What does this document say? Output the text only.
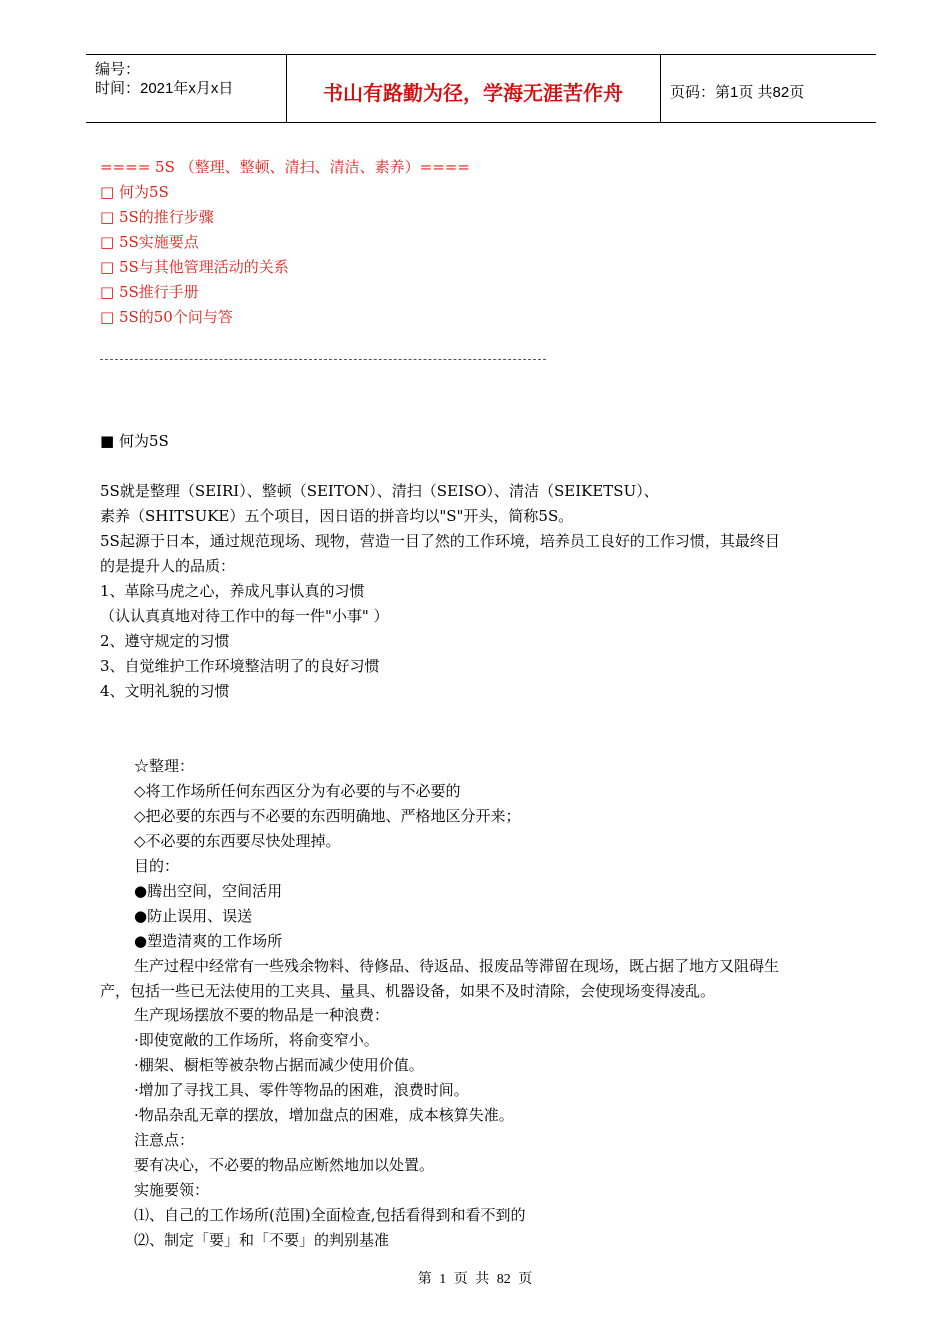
编号：
时间：2021年x月x日	书山有路勤为径，学海无涯苦作舟	页码：第1页 共82页
==== 5S （整理、整顿、清扫、清洁、素养）====
□ 何为5S
□ 5S的推行步骤
□ 5S实施要点
□ 5S与其他管理活动的关系
□ 5S推行手册
□ 5S的50个问与答
■ 何为5S
5S就是整理（SEIRI）、整顿（SEITON）、清扫（SEISO）、清洁（SEIKETSU）、
素养（SHITSUKE）五个项目，因日语的拼音均以"S"开头，简称5S。
5S起源于日本，通过规范现场、现物，营造一目了然的工作环境，培养员工良好的工作习惯，其最终目
的是提升人的品质：
1、革除马虎之心，养成凡事认真的习惯
（认认真真地对待工作中的每一件"小事" ）
2、遵守规定的习惯
3、自觉维护工作环境整洁明了的良好习惯
4、文明礼貌的习惯
☆整理：
◇将工作场所任何东西区分为有必要的与不必要的
◇把必要的东西与不必要的东西明确地、严格地区分开来；
◇不必要的东西要尽快处理掉。
目的：
●腾出空间，空间活用
●防止误用、误送
●塑造清爽的工作场所
生产过程中经常有一些残余物料、待修品、待返品、报废品等滞留在现场，既占据了地方又阻碍生
产，包括一些已无法使用的工夹具、量具、机器设备，如果不及时清除，会使现场变得凌乱。
生产现场摆放不要的物品是一种浪费：
·即使宽敞的工作场所，将俞变窄小。
·棚架、橱柜等被杂物占据而减少使用价值。
·增加了寻找工具、零件等物品的困难，浪费时间。
·物品杂乱无章的摆放，增加盘点的困难，成本核算失准。
注意点：
要有决心，不必要的物品应断然地加以处置。
实施要领：
⑴、自己的工作场所(范围)全面检查,包括看得到和看不到的
⑵、制定「要」和「不要」的判别基准
第 1 页 共 82 页
